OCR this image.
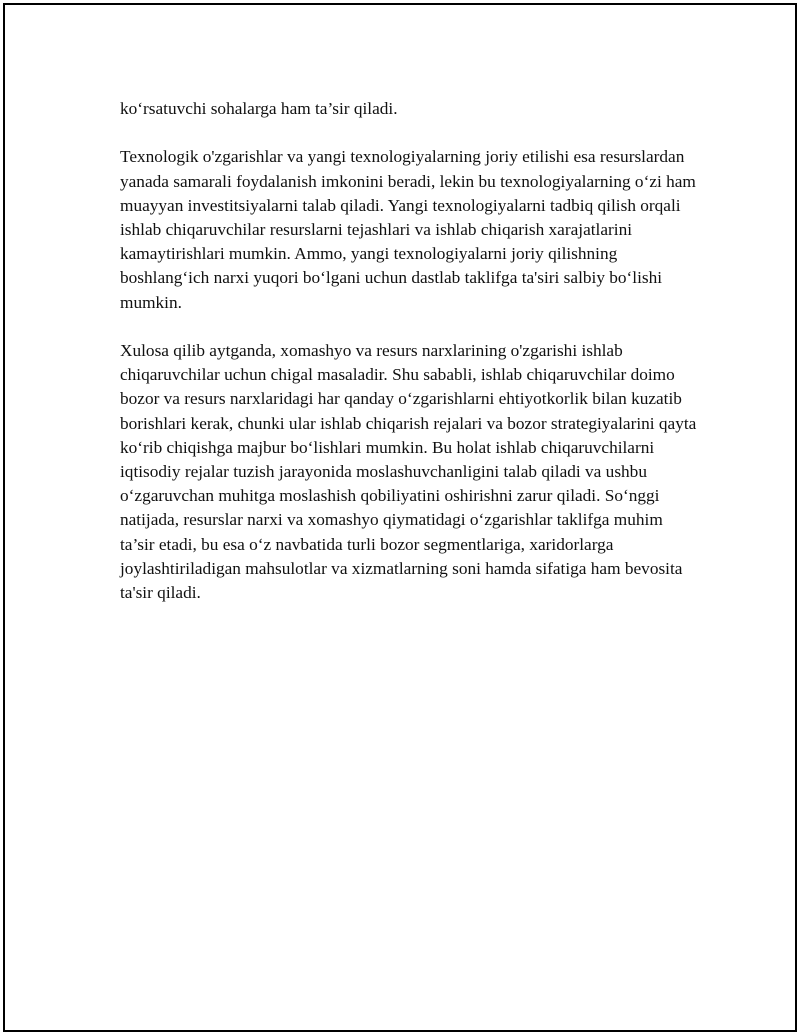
ko‘rsatuvchi sohalarga ham ta’sir qiladi.

Texnologik o'zgarishlar va yangi texnologiyalarning joriy etilishi esa resurslardan yanada samarali foydalanish imkonini beradi, lekin bu texnologiyalarning o‘zi ham muayyan investitsiyalarni talab qiladi. Yangi texnologiyalarni tadbiq qilish orqali ishlab chiqaruvchilar resurslarni tejashlari va ishlab chiqarish xarajatlarini kamaytirishlari mumkin. Ammo, yangi texnologiyalarni joriy qilishning boshlang‘ich narxi yuqori bo‘lgani uchun dastlab taklifga ta'siri salbiy bo‘lishi mumkin.

Xulosa qilib aytganda, xomashyo va resurs narxlarining o'zgarishi ishlab chiqaruvchilar uchun chigal masaladir. Shu sababli, ishlab chiqaruvchilar doimo bozor va resurs narxlaridagi har qanday o‘zgarishlarni ehtiyotkorlik bilan kuzatib borishlari kerak, chunki ular ishlab chiqarish rejalari va bozor strategiyalarini qayta ko‘rib chiqishga majbur bo‘lishlari mumkin. Bu holat ishlab chiqaruvchilarni iqtisodiy rejalar tuzish jarayonida moslashuvchanligini talab qiladi va ushbu o‘zgaruvchan muhitga moslashish qobiliyatini oshirishni zarur qiladi. So‘nggi natijada, resurslar narxi va xomashyo qiymatidagi o‘zgarishlar taklifga muhim ta’sir etadi, bu esa o‘z navbatida turli bozor segmentlariga, xaridorlarga joylashtiriladigan mahsulotlar va xizmatlarning soni hamda sifatiga ham bevosita ta'sir qiladi.
